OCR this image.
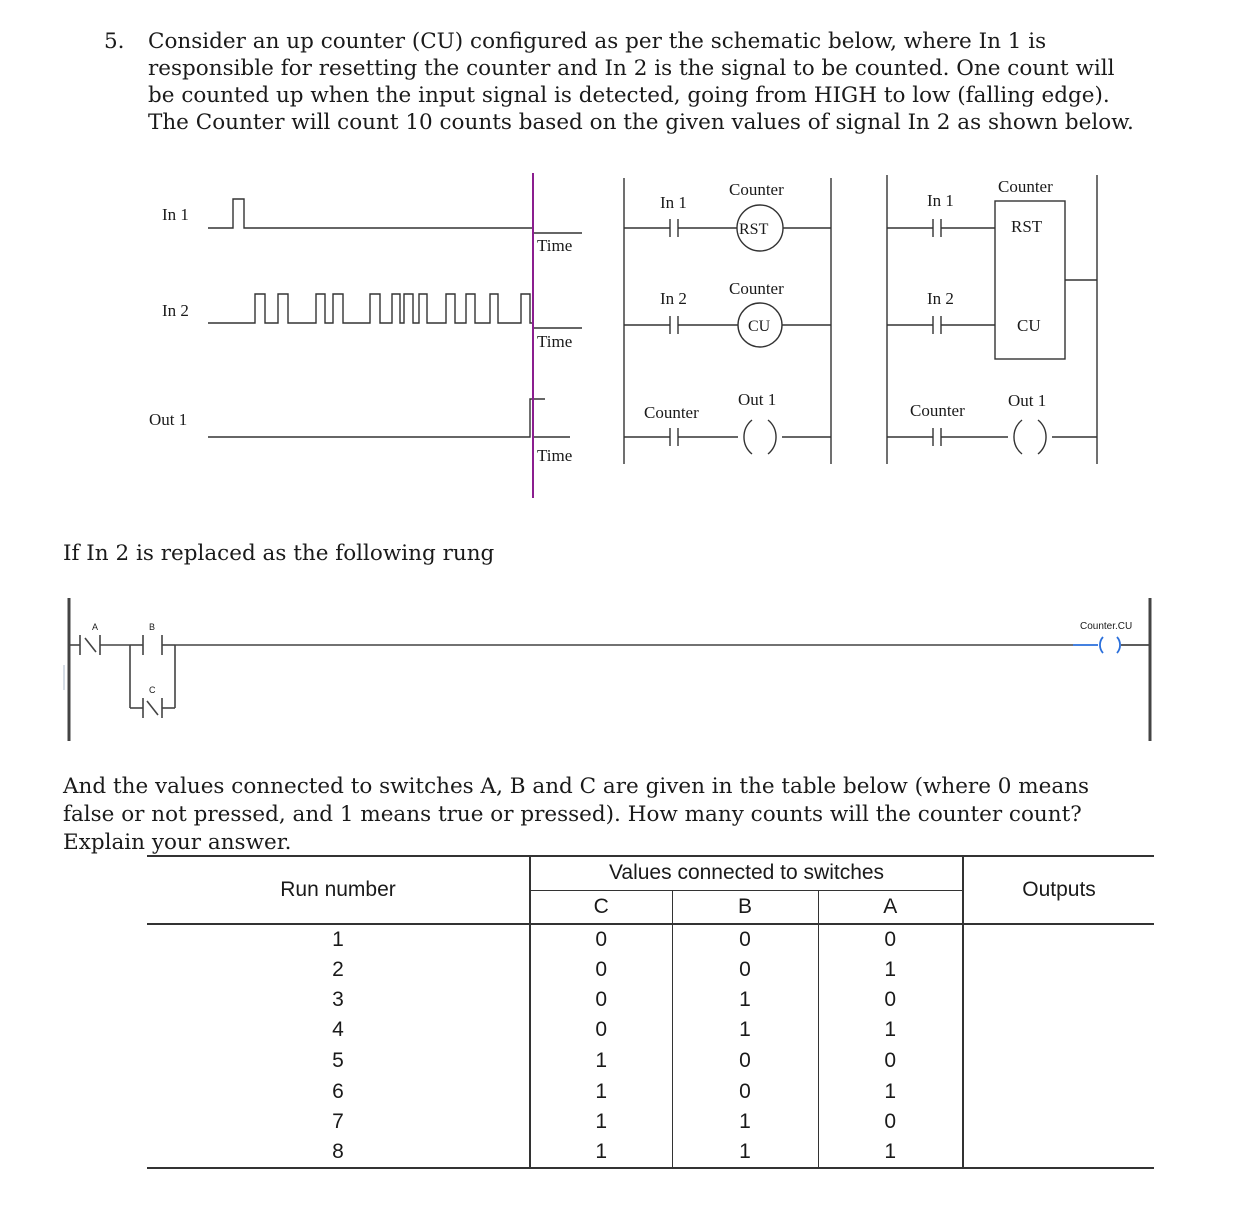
5. Consider an up counter (CU) configured as per the schematic below, where In 1 is responsible for resetting the counter and In 2 is the signal to be counted. One count will be counted up when the input signal is detected, going from HIGH to low (falling edge). The Counter will count 10 counts based on the given values of signal In 2 as shown below.
In 1
In 2
Out 1
Time
Time
Time
Counter
In 1
RST
Counter
In 2
CU
Out 1
Counter
Counter
In 1
RST
In 2
CU
Out 1
Counter
A	B
C
Counter.CU
If In 2 is replaced as the following rung
And the values connected to switches A, B and C are given in the table below (where 0 means false or not pressed, and 1 means true or pressed). How many counts will the counter count? Explain your answer.
Run number	Values connected to switches			Outputs
	C	B	A	
1	0	0	0	
2	0	0	1	
3	0	1	0	
4	0	1	1	
5	1	0	0	
6	1	0	1	
7	1	1	0	
8	1	1	1	
